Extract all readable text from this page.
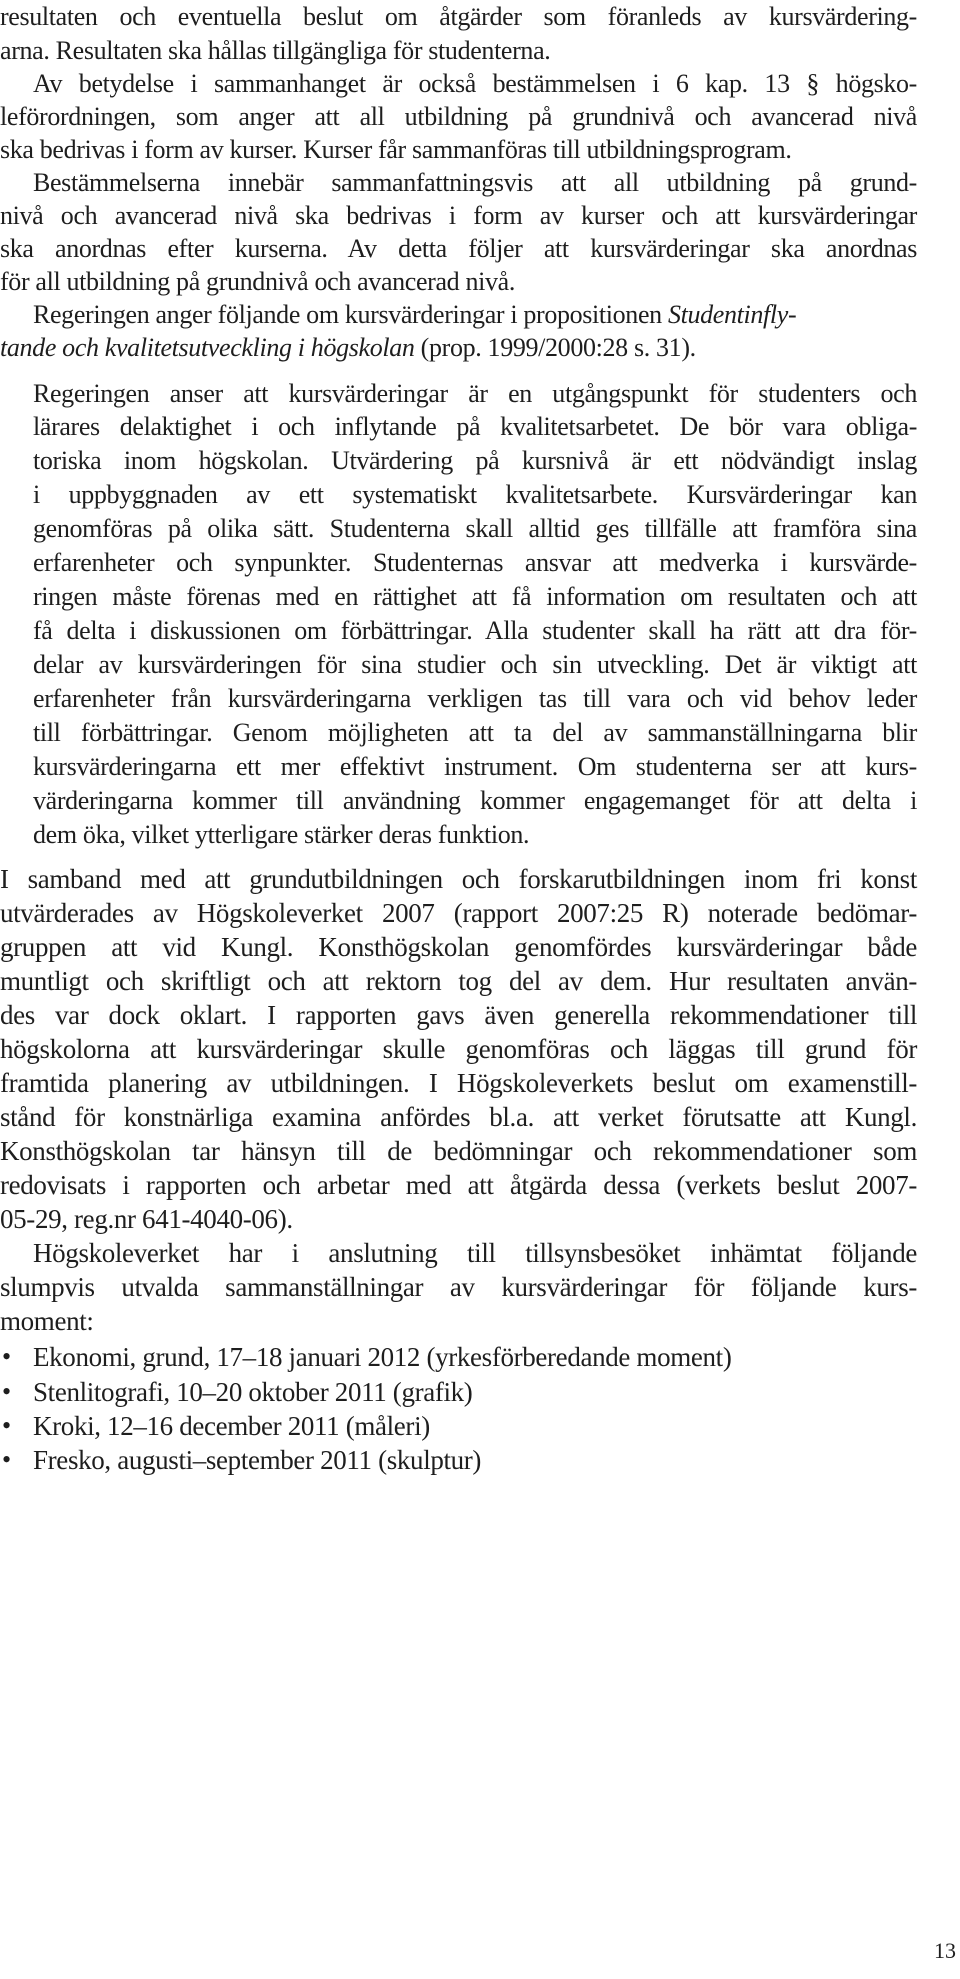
resultaten och eventuella beslut om åtgärder som föranleds av kursvärdering-
arna. Resultaten ska hållas tillgängliga för studenterna.
Av betydelse i sammanhanget är också bestämmelsen i 6 kap. 13 § högsko-
leförordningen, som anger att all utbildning på grundnivå och avancerad nivå
ska bedrivas i form av kurser. Kurser får sammanföras till utbildningsprogram.
Bestämmelserna innebär sammanfattningsvis att all utbildning på grund-
nivå och avancerad nivå ska bedrivas i form av kurser och att kursvärderingar
ska anordnas efter kurserna. Av detta följer att kursvärderingar ska anordnas
för all utbildning på grundnivå och avancerad nivå.
Regeringen anger följande om kursvärderingar i propositionen Studentinfly-
tande och kvalitetsutveckling i högskolan (prop. 1999/2000:28 s. 31).
Regeringen anser att kursvärderingar är en utgångspunkt för studenters och
lärares delaktighet i och inflytande på kvalitetsarbetet. De bör vara obliga-
toriska inom högskolan. Utvärdering på kursnivå är ett nödvändigt inslag
i uppbyggnaden av ett systematiskt kvalitetsarbete. Kursvärderingar kan
genomföras på olika sätt. Studenterna skall alltid ges tillfälle att framföra sina
erfarenheter och synpunkter. Studenternas ansvar att medverka i kursvärde-
ringen måste förenas med en rättighet att få information om resultaten och att
få delta i diskussionen om förbättringar. Alla studenter skall ha rätt att dra för-
delar av kursvärderingen för sina studier och sin utveckling. Det är viktigt att
erfarenheter från kursvärderingarna verkligen tas till vara och vid behov leder
till förbättringar. Genom möjligheten att ta del av sammanställningarna blir
kursvärderingarna ett mer effektivt instrument. Om studenterna ser att kurs-
värderingarna kommer till användning kommer engagemanget för att delta i
dem öka, vilket ytterligare stärker deras funktion.
I samband med att grundutbildningen och forskarutbildningen inom fri konst
utvärderades av Högskoleverket 2007 (rapport 2007:25 R) noterade bedömar-
gruppen att vid Kungl. Konsthögskolan genomfördes kursvärderingar både
muntligt och skriftligt och att rektorn tog del av dem. Hur resultaten använ-
des var dock oklart. I rapporten gavs även generella rekommendationer till
högskolorna att kursvärderingar skulle genomföras och läggas till grund för
framtida planering av utbildningen. I Högskoleverkets beslut om examenstill-
stånd för konstnärliga examina anfördes bl.a. att verket förutsatte att Kungl.
Konsthögskolan tar hänsyn till de bedömningar och rekommendationer som
redovisats i rapporten och arbetar med att åtgärda dessa (verkets beslut 2007-
05-29, reg.nr 641-4040-06).
Högskoleverket har i anslutning till tillsynsbesöket inhämtat följande
slumpvis utvalda sammanställningar av kursvärderingar för följande kurs-
moment:
• Ekonomi, grund, 17–18 januari 2012 (yrkesförberedande moment)
• Stenlitografi, 10–20 oktober 2011 (grafik)
• Kroki, 12–16 december 2011 (måleri)
• Fresko, augusti–september 2011 (skulptur)
13
